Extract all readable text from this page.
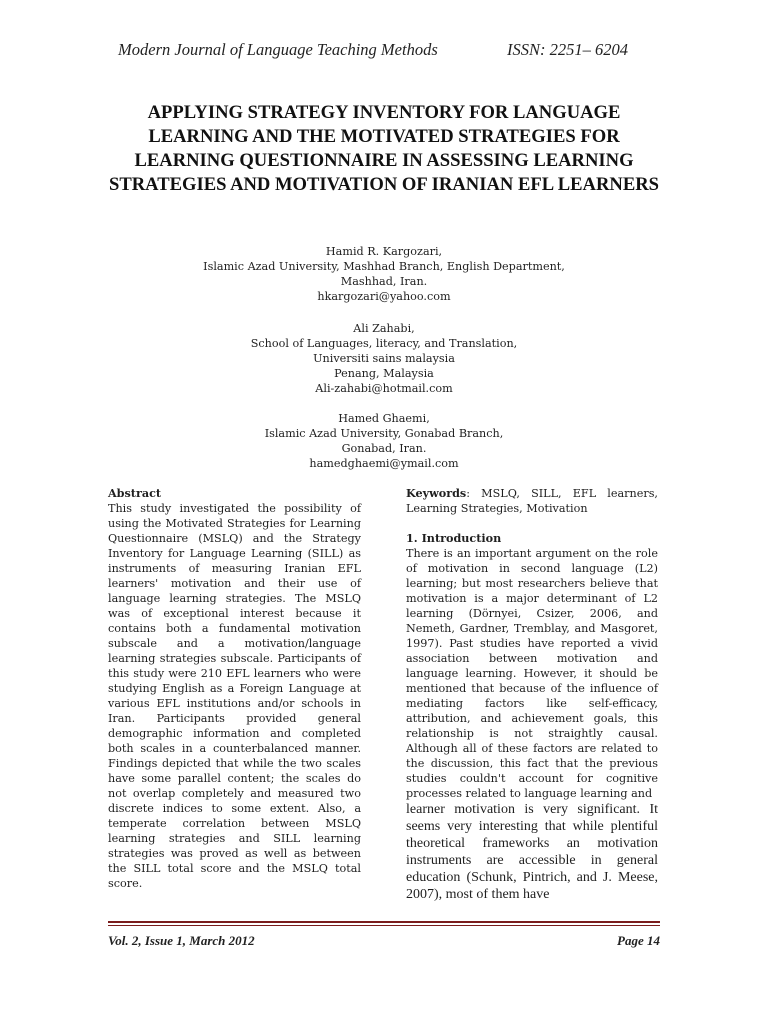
Modern Journal of Language Teaching Methods	ISSN: 2251– 6204
APPLYING STRATEGY INVENTORY FOR LANGUAGE LEARNING AND THE MOTIVATED STRATEGIES FOR LEARNING QUESTIONNAIRE IN ASSESSING LEARNING STRATEGIES AND MOTIVATION OF IRANIAN EFL LEARNERS
Hamid R. Kargozari,
Islamic Azad University, Mashhad Branch, English Department,
Mashhad, Iran.
hkargozari@yahoo.com
Ali Zahabi,
School of Languages, literacy, and Translation,
Universiti sains malaysia
Penang, Malaysia
Ali-zahabi@hotmail.com
Hamed Ghaemi,
Islamic Azad University, Gonabad Branch,
Gonabad, Iran.
hamedghaemi@ymail.com
Abstract
This study investigated the possibility of using the Motivated Strategies for Learning Questionnaire (MSLQ) and the Strategy Inventory for Language Learning (SILL) as instruments of measuring Iranian EFL learners' motivation and their use of language learning strategies. The MSLQ was of exceptional interest because it contains both a fundamental motivation subscale and a motivation/language learning strategies subscale. Participants of this study were 210 EFL learners who were studying English as a Foreign Language at various EFL institutions and/or schools in Iran. Participants provided general demographic information and completed both scales in a counterbalanced manner. Findings depicted that while the two scales have some parallel content; the scales do not overlap completely and measured two discrete indices to some extent. Also, a temperate correlation between MSLQ learning strategies and SILL learning strategies was proved as well as between the SILL total score and the MSLQ total score.
Keywords: MSLQ, SILL, EFL learners, Learning Strategies, Motivation
1. Introduction
There is an important argument on the role of motivation in second language (L2) learning; but most researchers believe that motivation is a major determinant of L2 learning (Dörnyei, Csizer, 2006, and Nemeth, Gardner, Tremblay, and Masgoret, 1997). Past studies have reported a vivid association between motivation and language learning. However, it should be mentioned that because of the influence of mediating factors like self-efficacy, attribution, and achievement goals, this relationship is not straightly causal. Although all of these factors are related to the discussion, this fact that the previous studies couldn't account for cognitive processes related to language learning and
learner motivation is very significant. It seems very interesting that while plentiful theoretical frameworks an motivation instruments are accessible in general education (Schunk, Pintrich, and J. Meese, 2007), most of them have
Vol. 2, Issue 1, March 2012	Page 14
